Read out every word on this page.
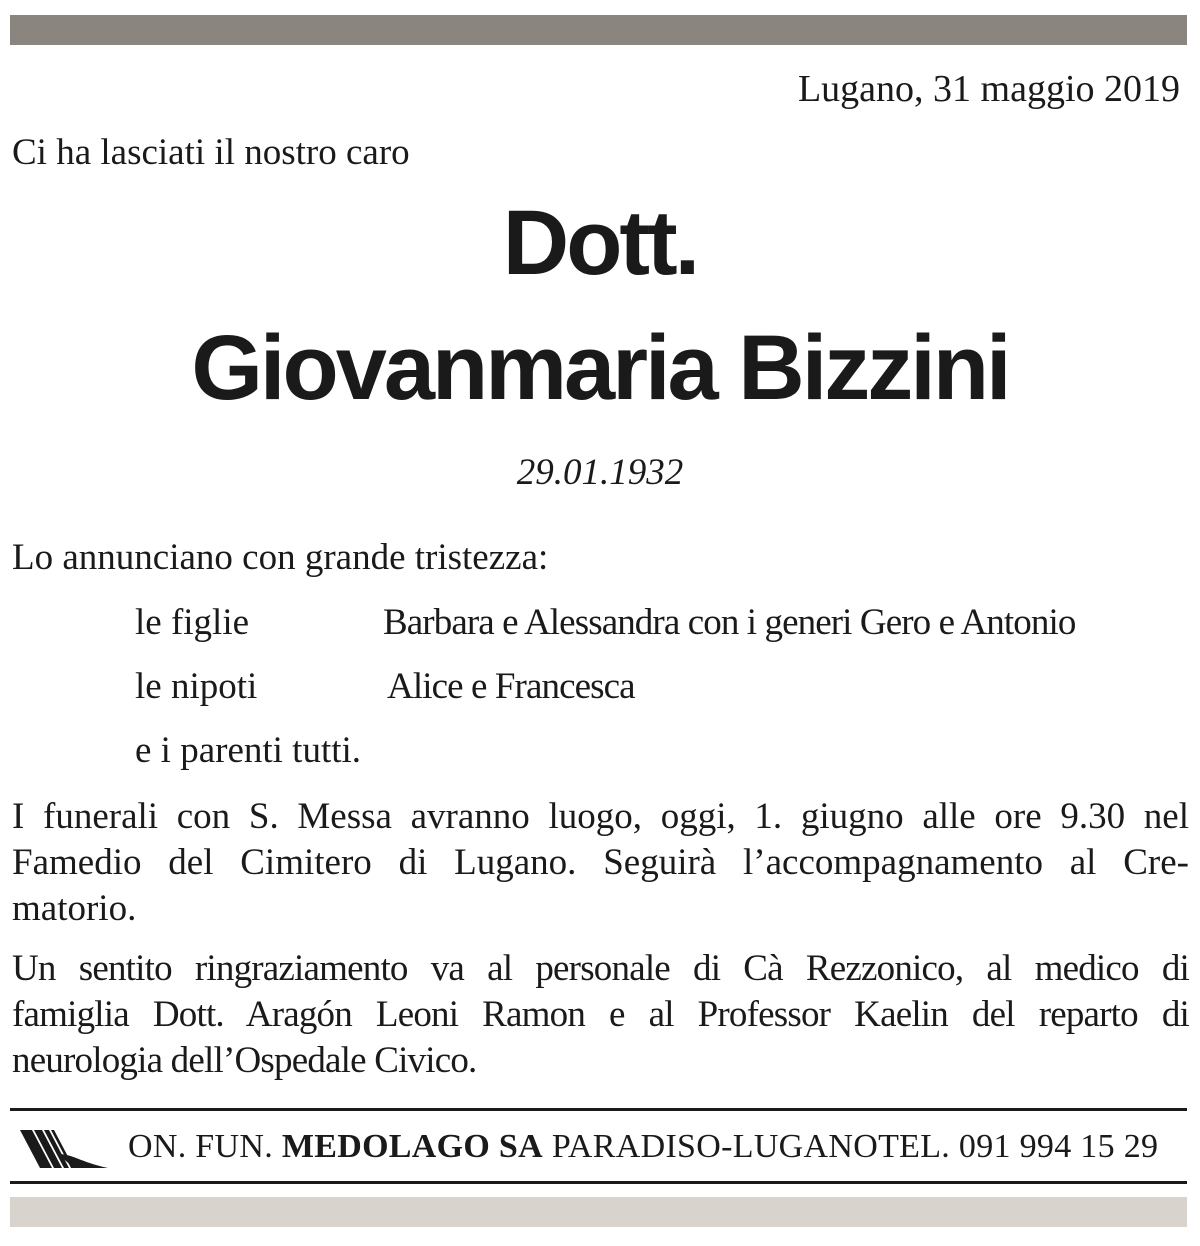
Lugano, 31 maggio 2019
Ci ha lasciati il nostro caro
Dott.
Giovanmaria Bizzini
29.01.1932
Lo annunciano con grande tristezza:
le figlie	Barbara e Alessandra con i generi Gero e Antonio
le nipoti	Alice e Francesca
e i parenti tutti.
I funerali con S. Messa avranno luogo, oggi, 1. giugno alle ore 9.30 nel
Famedio del Cimitero di Lugano. Seguirà l’accompagnamento al Cre-
matorio.
Un sentito ringraziamento va al personale di Cà Rezzonico, al medico di
famiglia Dott. Aragón Leoni Ramon e al Professor Kaelin del reparto di
neurologia dell’Ospedale Civico.
ON. FUN. MEDOLAGO SA PARADISO-LUGANOTEL. 091 994 15 29
